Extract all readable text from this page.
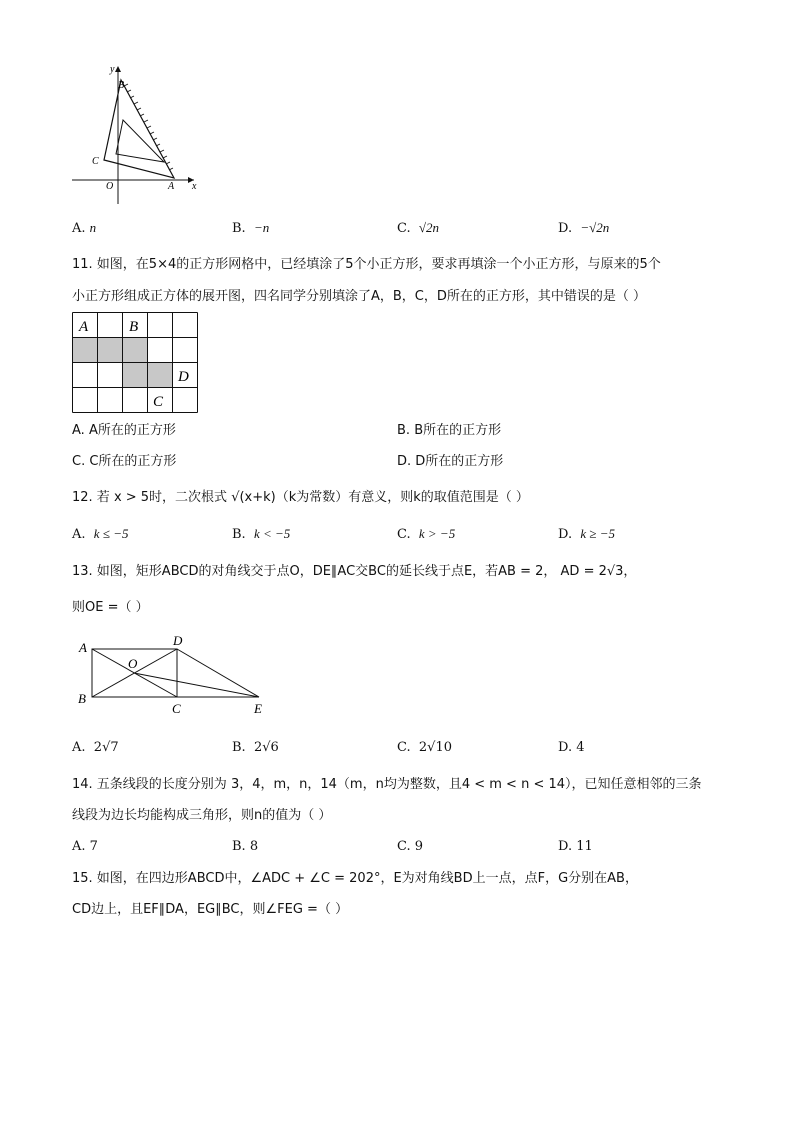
y
x
B
C
O	A
A. n	B. −n	C. √2n	D. −√2n
11. 如图，在5×4的正方形网格中，已经填涂了5个小正方形，要求再填涂一个小正方形，与原来的5个
小正方形组成正方体的展开图，四名同学分别填涂了A，B，C，D所在的正方形，其中错误的是（ ）
A	B
D
C
A. A所在的正方形	B. B所在的正方形
C. C所在的正方形	D. D所在的正方形
12. 若 x > 5时，二次根式 √(x+k)（k为常数）有意义，则k的取值范围是（ ）
A. k ≤ −5	B. k < −5	C. k > −5	D. k ≥ −5
13. 如图，矩形ABCD的对角线交于点O，DE∥AC交BC的延长线于点E，若AB = 2， AD = 2√3，
则OE =（ ）
A	D
O
B
C	E
A. 2√7	B. 2√6	C. 2√10	D. 4
14. 五条线段的长度分别为 3，4，m，n，14（m，n均为整数，且4 < m < n < 14），已知任意相邻的三条
线段为边长均能构成三角形，则n的值为（ ）
A. 7	B. 8	C. 9	D. 11
15. 如图，在四边形ABCD中，∠ADC + ∠C = 202°，E为对角线BD上一点，点F，G分别在AB，
CD边上，且EF∥DA，EG∥BC，则∠FEG =（ ）
